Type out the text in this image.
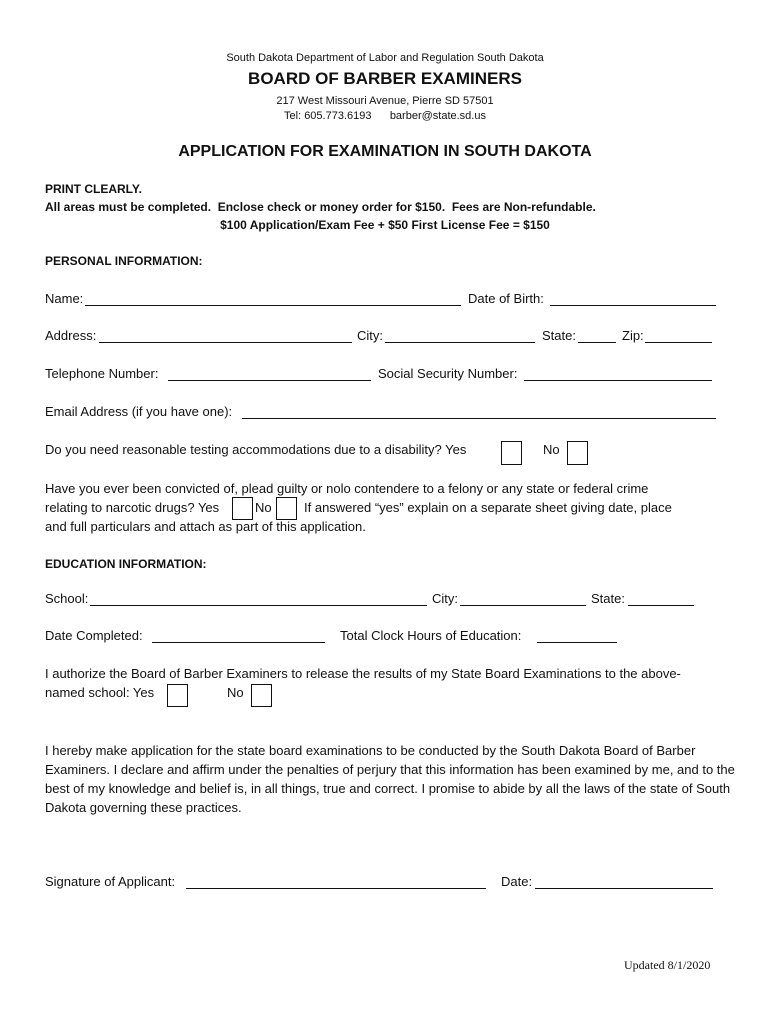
South Dakota Department of Labor and Regulation South Dakota
BOARD OF BARBER EXAMINERS
217 West Missouri Avenue, Pierre SD 57501
Tel: 605.773.6193      barber@state.sd.us
APPLICATION FOR EXAMINATION IN SOUTH DAKOTA
PRINT CLEARLY.
All areas must be completed.  Enclose check or money order for $150.  Fees are Non-refundable.
$100 Application/Exam Fee + $50 First License Fee = $150
PERSONAL INFORMATION:
Name:	Date of Birth:
Address:	City:	State:	Zip:
Telephone Number:	Social Security Number:
Email Address (if you have one):
Do you need reasonable testing accommodations due to a disability? Yes	No
Have you ever been convicted of, plead guilty or nolo contendere to a felony or any state or federal crime
relating to narcotic drugs? Yes	No If answered “yes” explain on a separate sheet giving date, place
and full particulars and attach as part of this application.
EDUCATION INFORMATION:
School:	City:	State:
Date Completed:	Total Clock Hours of Education:
I authorize the Board of Barber Examiners to release the results of my State Board Examinations to the above-
named school: Yes	No
I hereby make application for the state board examinations to be conducted by the South Dakota Board of Barber Examiners. I declare and affirm under the penalties of perjury that this information has been examined by me, and to the best of my knowledge and belief is, in all things, true and correct. I promise to abide by all the laws of the state of South Dakota governing these practices.
Signature of Applicant:	Date:
Updated 8/1/2020
